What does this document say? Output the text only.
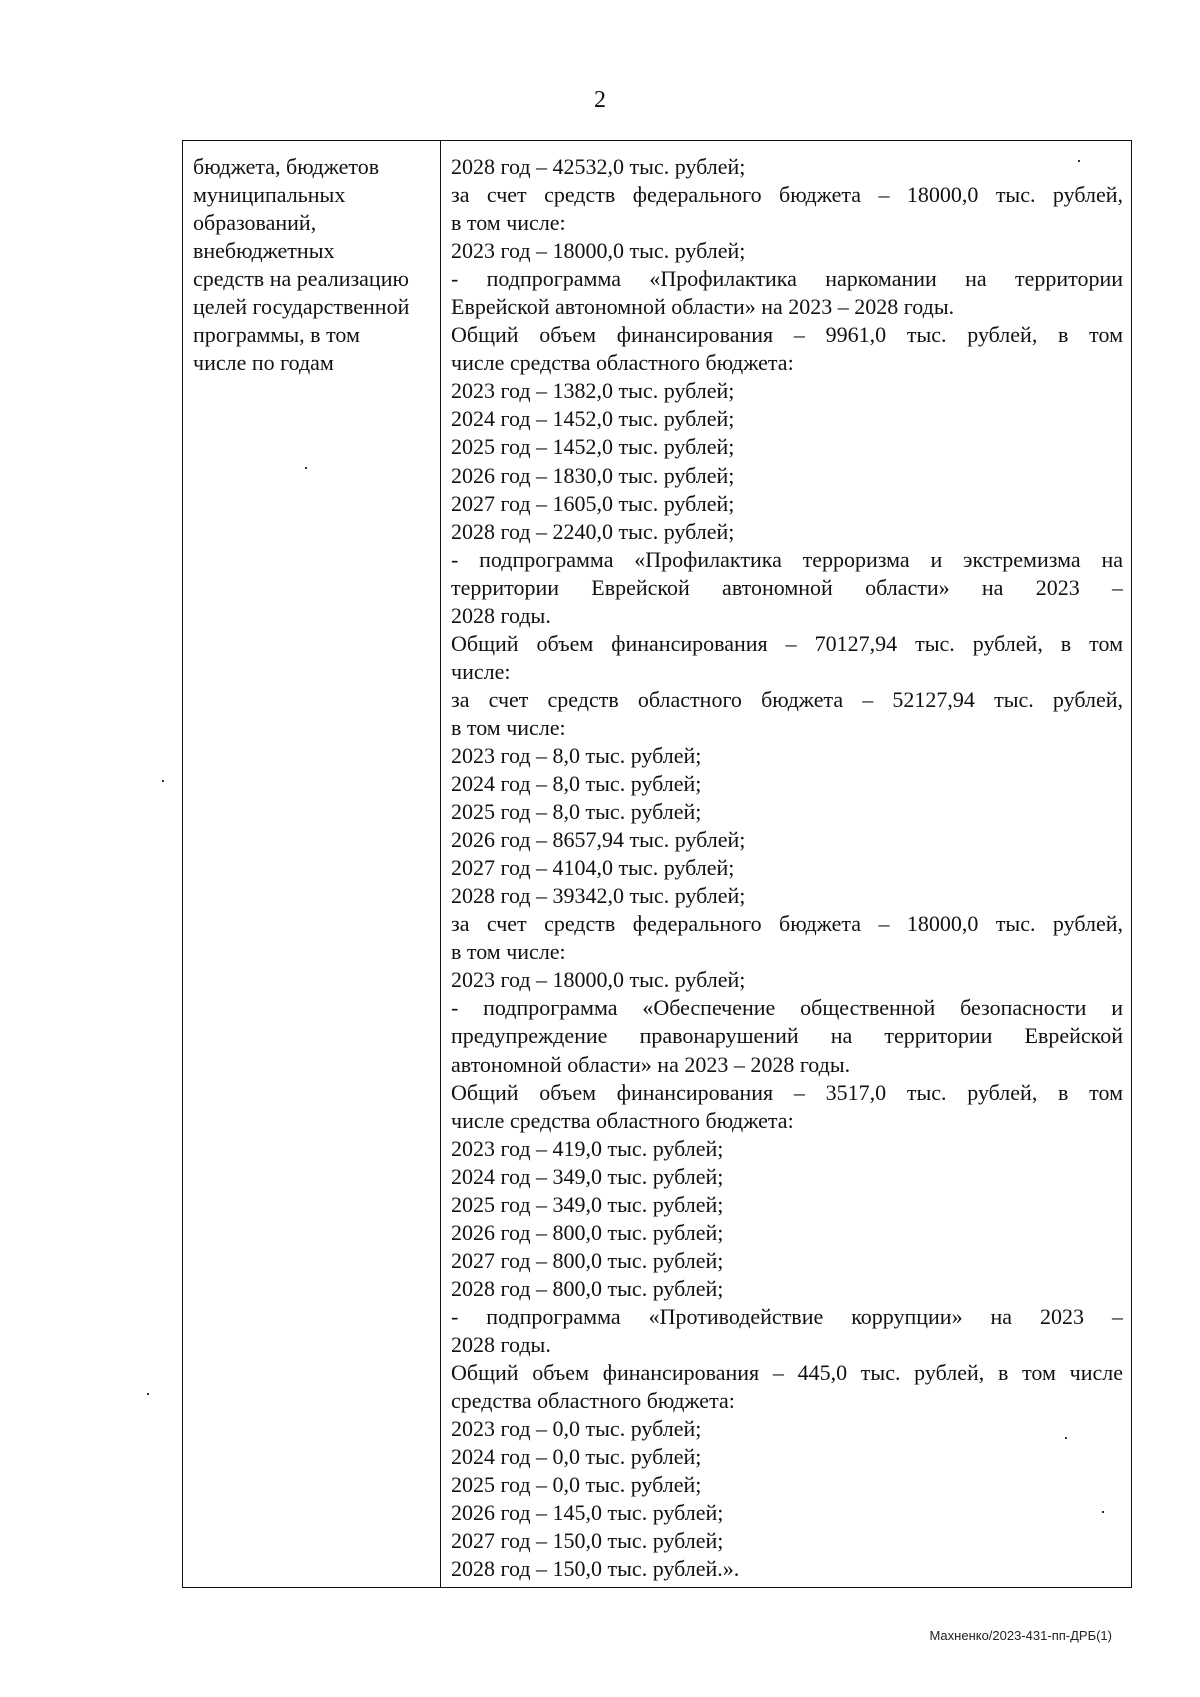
2
бюджета, бюджетов
муниципальных
образований,
внебюджетных
средств на реализацию
целей государственной
программы, в том
числе по годам
2028 год – 42532,0 тыс. рублей;
за счет средств федерального бюджета – 18000,0 тыс. рублей,
в том числе:
2023 год – 18000,0 тыс. рублей;
- подпрограмма «Профилактика наркомании на территории
Еврейской автономной области» на 2023 – 2028 годы.
Общий объем финансирования – 9961,0 тыс. рублей, в том
числе средства областного бюджета:
2023 год – 1382,0 тыс. рублей;
2024 год – 1452,0 тыс. рублей;
2025 год – 1452,0 тыс. рублей;
2026 год – 1830,0 тыс. рублей;
2027 год – 1605,0 тыс. рублей;
2028 год – 2240,0 тыс. рублей;
- подпрограмма «Профилактика терроризма и экстремизма на
территории Еврейской автономной области» на 2023 –
2028 годы.
Общий объем финансирования – 70127,94 тыс. рублей, в том
числе:
за счет средств областного бюджета – 52127,94 тыс. рублей,
в том числе:
2023 год – 8,0 тыс. рублей;
2024 год – 8,0 тыс. рублей;
2025 год – 8,0 тыс. рублей;
2026 год – 8657,94 тыс. рублей;
2027 год – 4104,0 тыс. рублей;
2028 год – 39342,0 тыс. рублей;
за счет средств федерального бюджета – 18000,0 тыс. рублей,
в том числе:
2023 год – 18000,0 тыс. рублей;
- подпрограмма «Обеспечение общественной безопасности и
предупреждение правонарушений на территории Еврейской
автономной области» на 2023 – 2028 годы.
Общий объем финансирования – 3517,0 тыс. рублей, в том
числе средства областного бюджета:
2023 год – 419,0 тыс. рублей;
2024 год – 349,0 тыс. рублей;
2025 год – 349,0 тыс. рублей;
2026 год – 800,0 тыс. рублей;
2027 год – 800,0 тыс. рублей;
2028 год – 800,0 тыс. рублей;
- подпрограмма «Противодействие коррупции» на 2023 –
2028 годы.
Общий объем финансирования – 445,0 тыс. рублей, в том числе
средства областного бюджета:
2023 год – 0,0 тыс. рублей;
2024 год – 0,0 тыс. рублей;
2025 год – 0,0 тыс. рублей;
2026 год – 145,0 тыс. рублей;
2027 год – 150,0 тыс. рублей;
2028 год – 150,0 тыс. рублей.».
Махненко/2023-431-пп-ДРБ(1)
